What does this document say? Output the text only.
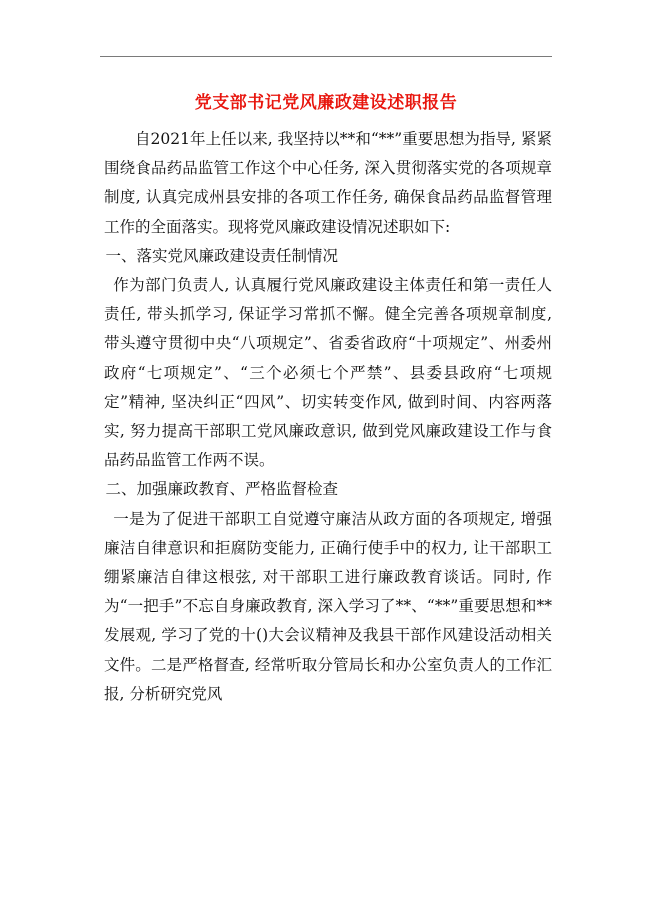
党支部书记党风廉政建设述职报告

自2021年上任以来, 我坚持以**和“**”重要思想为指导, 紧紧围绕食品药品监管工作这个中心任务, 深入贯彻落实党的各项规章制度, 认真完成州县安排的各项工作任务, 确保食品药品监督管理工作的全面落实。现将党风廉政建设情况述职如下:

一、落实党风廉政建设责任制情况

作为部门负责人, 认真履行党风廉政建设主体责任和第一责任人责任, 带头抓学习, 保证学习常抓不懈。健全完善各项规章制度, 带头遵守贯彻中央“八项规定”、省委省政府“十项规定”、州委州政府“七项规定”、“三个必须七个严禁”、县委县政府“七项规定”精神, 坚决纠正“四风”、切实转变作风, 做到时间、内容两落实, 努力提高干部职工党风廉政意识, 做到党风廉政建设工作与食品药品监管工作两不误。

二、加强廉政教育、严格监督检查

一是为了促进干部职工自觉遵守廉洁从政方面的各项规定, 增强廉洁自律意识和拒腐防变能力, 正确行使手中的权力, 让干部职工绷紧廉洁自律这根弦, 对干部职工进行廉政教育谈话。同时, 作为“一把手”不忘自身廉政教育, 深入学习了**、“**”重要思想和**发展观, 学习了党的十()大会议精神及我县干部作风建设活动相关文件。二是严格督查, 经常听取分管局长和办公室负责人的工作汇报, 分析研究党风
